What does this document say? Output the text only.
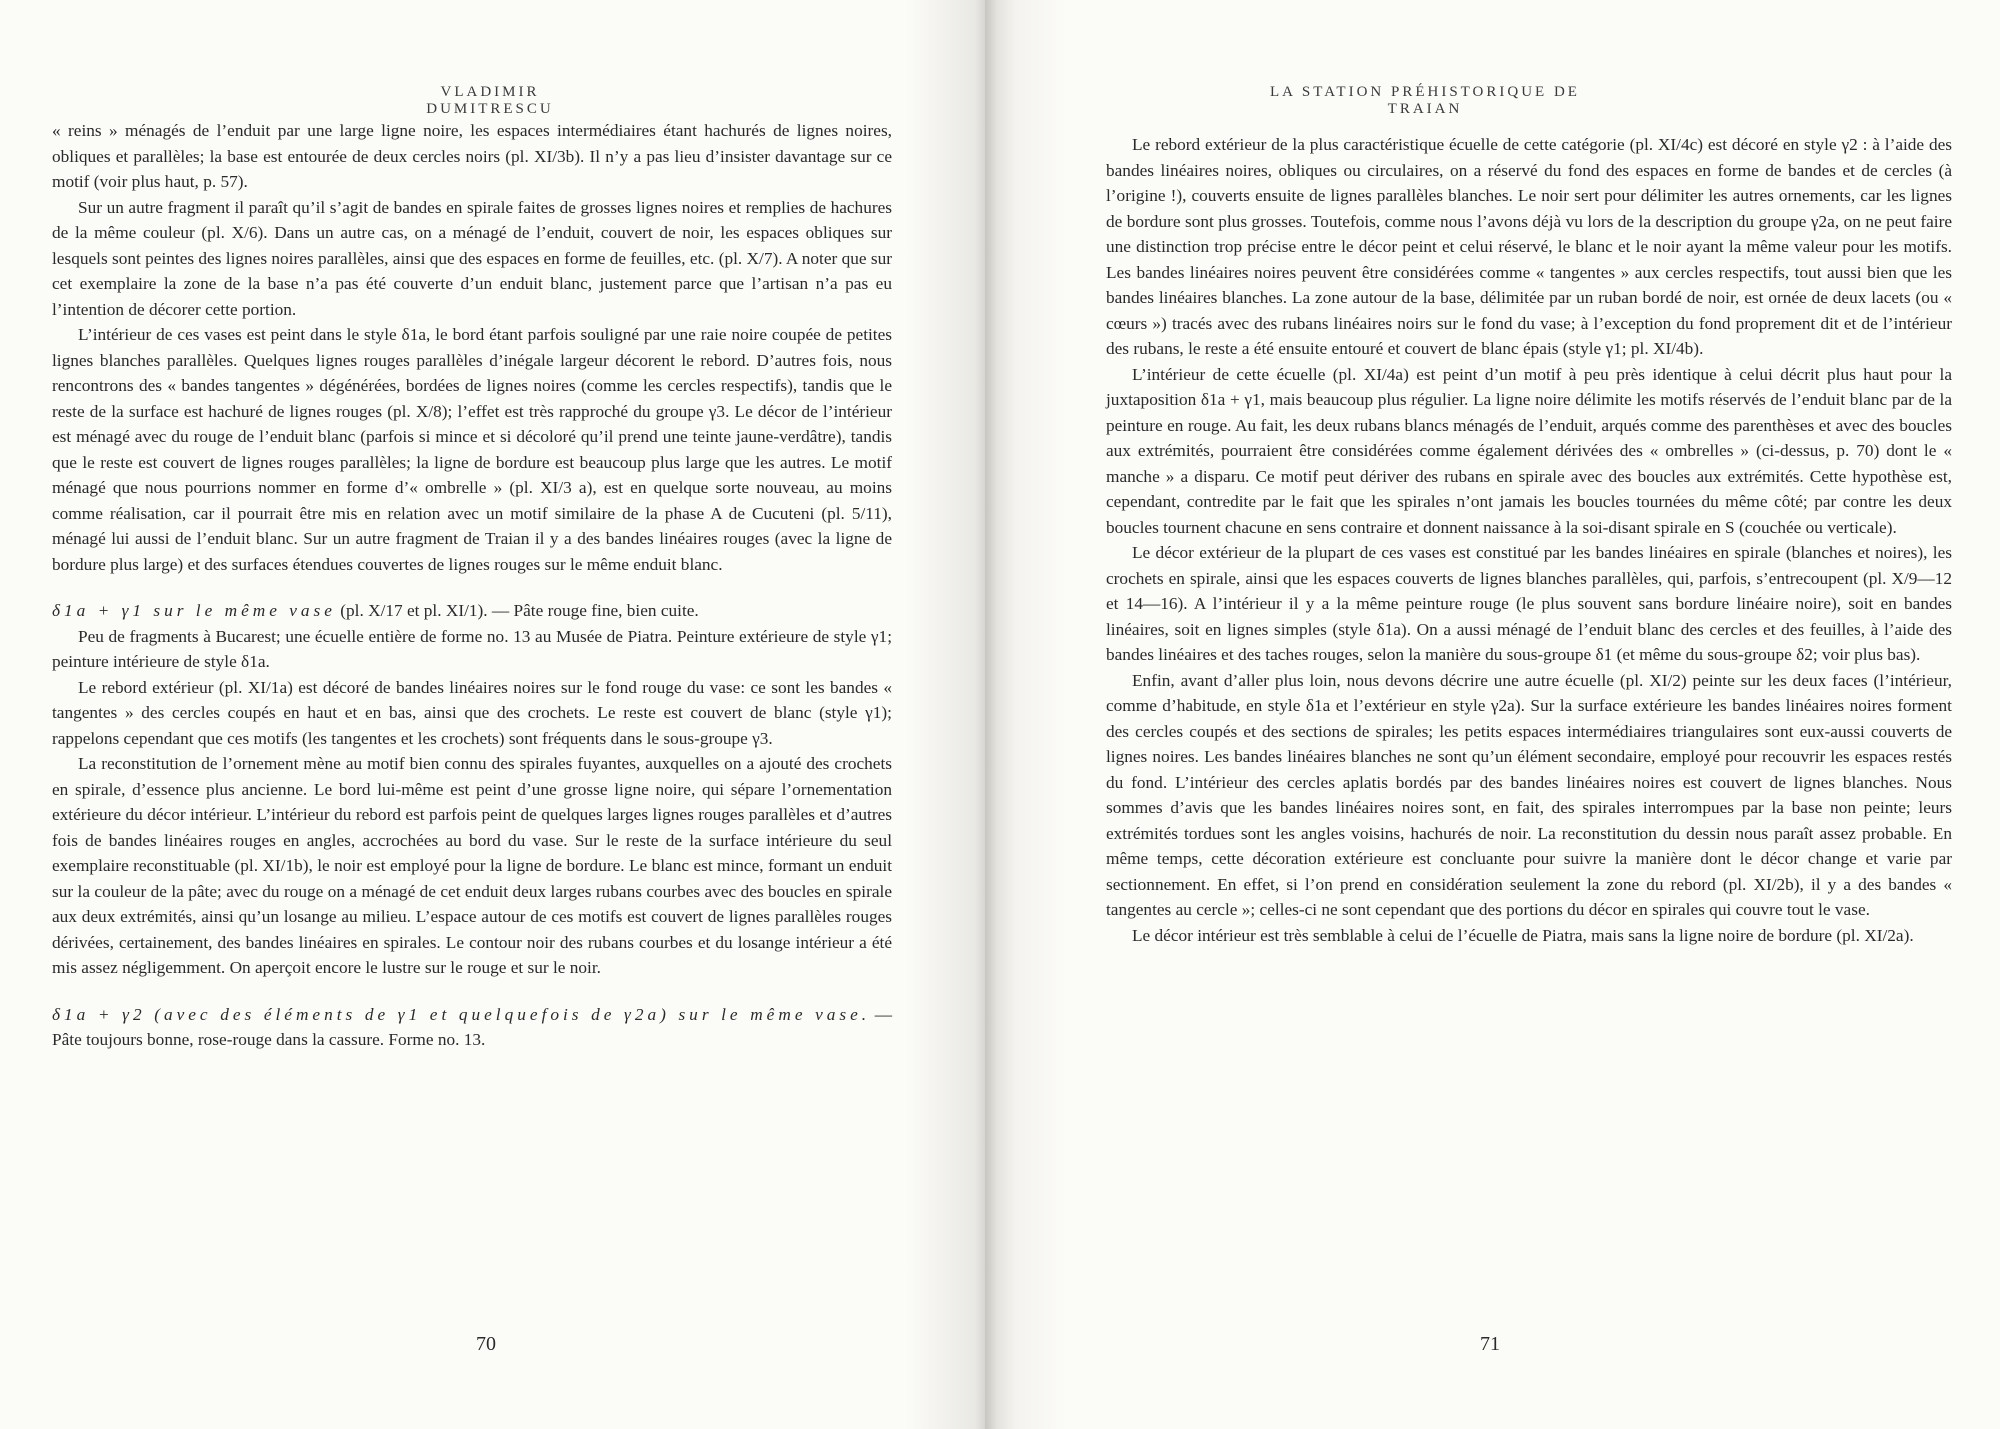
VLADIMIR DUMITRESCU

« reins » ménagés de l’enduit par une large ligne noire, les espaces intermédiaires étant hachurés de lignes noires, obliques et parallèles; la base est entourée de deux cercles noirs (pl. XI/3b). Il n’y a pas lieu d’insister davantage sur ce motif (voir plus haut, p. 57).

Sur un autre fragment il paraît qu’il s’agit de bandes en spirale faites de grosses lignes noires et remplies de hachures de la même couleur (pl. X/6). Dans un autre cas, on a ménagé de l’enduit, couvert de noir, les espaces obliques sur lesquels sont peintes des lignes noires parallèles, ainsi que des espaces en forme de feuilles, etc. (pl. X/7). A noter que sur cet exemplaire la zone de la base n’a pas été couverte d’un enduit blanc, justement parce que l’artisan n’a pas eu l’intention de décorer cette portion.

L’intérieur de ces vases est peint dans le style δ1a, le bord étant parfois souligné par une raie noire coupée de petites lignes blanches parallèles. Quelques lignes rouges parallèles d’inégale largeur décorent le rebord. D’autres fois, nous rencontrons des « bandes tangentes » dégénérées, bordées de lignes noires (comme les cercles respectifs), tandis que le reste de la surface est hachuré de lignes rouges (pl. X/8); l’effet est très rapproché du groupe γ3. Le décor de l’intérieur est ménagé avec du rouge de l’enduit blanc (parfois si mince et si décoloré qu’il prend une teinte jaune-verdâtre), tandis que le reste est couvert de lignes rouges parallèles; la ligne de bordure est beaucoup plus large que les autres. Le motif ménagé que nous pourrions nommer en forme d’« ombrelle » (pl. XI/3 a), est en quelque sorte nouveau, au moins comme réalisation, car il pourrait être mis en relation avec un motif similaire de la phase A de Cucuteni (pl. 5/11), ménagé lui aussi de l’enduit blanc. Sur un autre fragment de Traian il y a des bandes linéaires rouges (avec la ligne de bordure plus large) et des surfaces étendues couvertes de lignes rouges sur le même enduit blanc.

δ1a + γ1 sur le même vase (pl. X/17 et pl. XI/1). — Pâte rouge fine, bien cuite.

Peu de fragments à Bucarest; une écuelle entière de forme no. 13 au Musée de Piatra. Peinture extérieure de style γ1; peinture intérieure de style δ1a.

Le rebord extérieur (pl. XI/1a) est décoré de bandes linéaires noires sur le fond rouge du vase: ce sont les bandes « tangentes » des cercles coupés en haut et en bas, ainsi que des crochets. Le reste est couvert de blanc (style γ1); rappelons cependant que ces motifs (les tangentes et les crochets) sont fréquents dans le sous-groupe γ3.

La reconstitution de l’ornement mène au motif bien connu des spirales fuyantes, auxquelles on a ajouté des crochets en spirale, d’essence plus ancienne. Le bord lui-même est peint d’une grosse ligne noire, qui sépare l’ornementation extérieure du décor intérieur. L’intérieur du rebord est parfois peint de quelques larges lignes rouges parallèles et d’autres fois de bandes linéaires rouges en angles, accrochées au bord du vase. Sur le reste de la surface intérieure du seul exemplaire reconstituable (pl. XI/1b), le noir est employé pour la ligne de bordure. Le blanc est mince, formant un enduit sur la couleur de la pâte; avec du rouge on a ménagé de cet enduit deux larges rubans courbes avec des boucles en spirale aux deux extrémités, ainsi qu’un losange au milieu. L’espace autour de ces motifs est couvert de lignes parallèles rouges dérivées, certainement, des bandes linéaires en spirales. Le contour noir des rubans courbes et du losange intérieur a été mis assez négligemment. On aperçoit encore le lustre sur le rouge et sur le noir.

δ1a + γ2 (avec des éléments de γ1 et quelquefois de γ2a) sur le même vase. — Pâte toujours bonne, rose-rouge dans la cassure. Forme no. 13.

70
LA STATION PRÉHISTORIQUE DE TRAIAN

Le rebord extérieur de la plus caractéristique écuelle de cette catégorie (pl. XI/4c) est décoré en style γ2 : à l’aide des bandes linéaires noires, obliques ou circulaires, on a réservé du fond des espaces en forme de bandes et de cercles (à l’origine !), couverts ensuite de lignes parallèles blanches. Le noir sert pour délimiter les autres ornements, car les lignes de bordure sont plus grosses. Toutefois, comme nous l’avons déjà vu lors de la description du groupe γ2a, on ne peut faire une distinction trop précise entre le décor peint et celui réservé, le blanc et le noir ayant la même valeur pour les motifs. Les bandes linéaires noires peuvent être considérées comme « tangentes » aux cercles respectifs, tout aussi bien que les bandes linéaires blanches. La zone autour de la base, délimitée par un ruban bordé de noir, est ornée de deux lacets (ou « cœurs ») tracés avec des rubans linéaires noirs sur le fond du vase; à l’exception du fond proprement dit et de l’intérieur des rubans, le reste a été ensuite entouré et couvert de blanc épais (style γ1; pl. XI/4b).

L’intérieur de cette écuelle (pl. XI/4a) est peint d’un motif à peu près identique à celui décrit plus haut pour la juxtaposition δ1a + γ1, mais beaucoup plus régulier. La ligne noire délimite les motifs réservés de l’enduit blanc par de la peinture en rouge. Au fait, les deux rubans blancs ménagés de l’enduit, arqués comme des parenthèses et avec des boucles aux extrémités, pourraient être considérées comme également dérivées des « ombrelles » (ci-dessus, p. 70) dont le « manche » a disparu. Ce motif peut dériver des rubans en spirale avec des boucles aux extrémités. Cette hypothèse est, cependant, contredite par le fait que les spirales n’ont jamais les boucles tournées du même côté; par contre les deux boucles tournent chacune en sens contraire et donnent naissance à la soi-disant spirale en S (couchée ou verticale).

Le décor extérieur de la plupart de ces vases est constitué par les bandes linéaires en spirale (blanches et noires), les crochets en spirale, ainsi que les espaces couverts de lignes blanches parallèles, qui, parfois, s’entrecoupent (pl. X/9—12 et 14—16). A l’intérieur il y a la même peinture rouge (le plus souvent sans bordure linéaire noire), soit en bandes linéaires, soit en lignes simples (style δ1a). On a aussi ménagé de l’enduit blanc des cercles et des feuilles, à l’aide des bandes linéaires et des taches rouges, selon la manière du sous-groupe δ1 (et même du sous-groupe δ2; voir plus bas).

Enfin, avant d’aller plus loin, nous devons décrire une autre écuelle (pl. XI/2) peinte sur les deux faces (l’intérieur, comme d’habitude, en style δ1a et l’extérieur en style γ2a). Sur la surface extérieure les bandes linéaires noires forment des cercles coupés et des sections de spirales; les petits espaces intermédiaires triangulaires sont eux-aussi couverts de lignes noires. Les bandes linéaires blanches ne sont qu’un élément secondaire, employé pour recouvrir les espaces restés du fond. L’intérieur des cercles aplatis bordés par des bandes linéaires noires est couvert de lignes blanches. Nous sommes d’avis que les bandes linéaires noires sont, en fait, des spirales interrompues par la base non peinte; leurs extrémités tordues sont les angles voisins, hachurés de noir. La reconstitution du dessin nous paraît assez probable. En même temps, cette décoration extérieure est concluante pour suivre la manière dont le décor change et varie par sectionnement. En effet, si l’on prend en considération seulement la zone du rebord (pl. XI/2b), il y a des bandes « tangentes au cercle »; celles-ci ne sont cependant que des portions du décor en spirales qui couvre tout le vase.

Le décor intérieur est très semblable à celui de l’écuelle de Piatra, mais sans la ligne noire de bordure (pl. XI/2a).

71
